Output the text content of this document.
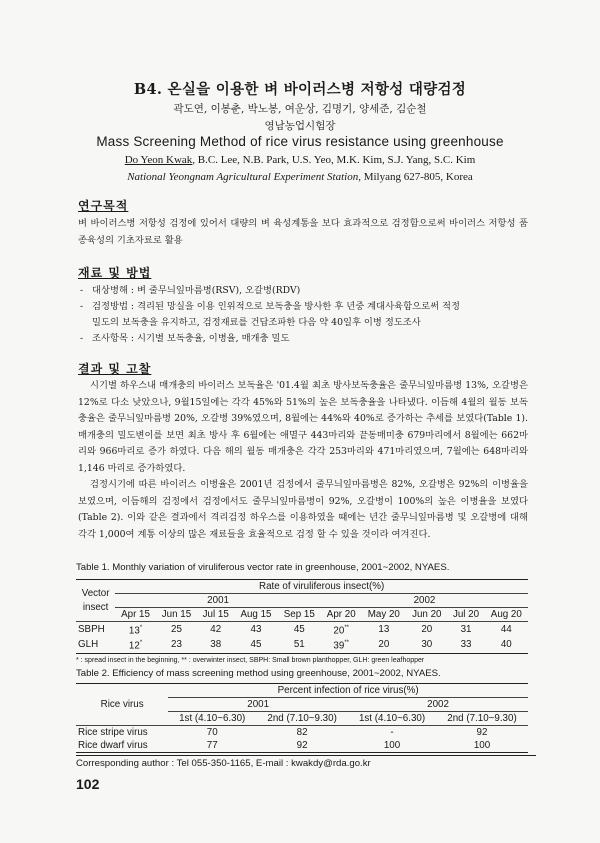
B4. 온실을 이용한 벼 바이러스병 저항성 대량검정
곽도연, 이봉춘, 박노봉, 여운상, 김명기, 양세준, 김순철
영남농업시험장
Mass Screening Method of rice virus resistance using greenhouse
Do Yeon Kwak, B.C. Lee, N.B. Park, U.S. Yeo, M.K. Kim, S.J. Yang, S.C. Kim
National Yeongnam Agricultural Experiment Station, Milyang 627-805, Korea
연구목적
벼 바이러스병 저항성 검정에 있어서 대량의 벼 육성계통을 보다 효과적으로 검정함으로써 바이러스 저항성 품종육성의 기초자료로 활용
재료 및 방법
- 대상병해 : 벼 줄무늬잎마름병(RSV), 오갈병(RDV)
- 검정방법 : 격리된 망실을 이용 인위적으로 보독충을 방사한 후 년중 계대사육함으로써 적정
밀도의 보독충을 유지하고, 검정재료를 건답조파한 다음 약 40일후 이병 정도조사
- 조사항목 : 시기별 보독충율, 이병율, 매개충 밀도
결과 및 고찰

시기별 하우스내 매개충의 바이러스 보독율은 '01.4월 최초 방사보독충율은 줄무늬잎마름병 13%, 오갈병은 12%로 다소 낮았으나, 9월15일에는 각각 45%와 51%의 높은 보독충율을 나타냈다. 이듬해 4월의 월동 보독충율은 줄무늬잎마름병 20%, 오갈병 39%였으며, 8월에는 44%와 40%로 증가하는 추세를 보였다(Table 1). 매개충의 밀도변이를 보면 최초 방사 후 6월에는 애멸구 443마리와 끝동매미충 679마리에서 8월에는 662마리와 966마리로 증가 하였다. 다음 해의 월동 매개충은 각각 253마리와 471마리였으며, 7월에는 648마리와 1,146 마리로 증가하였다.

검정시기에 따른 바이러스 이병율은 2001년 검정에서 줄무늬잎마름병은 82%, 오갈병은 92%의 이병율을 보였으며, 이듬해의 검정에서 검정에서도 줄무늬잎마름병이 92%, 오갈병이 100%의 높은 이병율을 보였다(Table 2). 이와 같은 결과에서 격리검정 하우스를 이용하였을 때에는 년간 줄무늬잎마름병 및 오갈병에 대해 각각 1,000여 계통 이상의 많은 재료들을 효율적으로 검정 할 수 있을 것이라 여겨진다.

Table 1. Monthly variation of viruliferous vector rate in greenhouse, 2001~2002, NYAES.
Vector
insect	Rate of viruliferous insect(%)									
	2001					2002				
	Apr 15	Jun 15	Jul 15	Aug 15	Sep 15	Apr 20	May 20	Jun 20	Jul 20	Aug 20
SBPH	13*	25	42	43	45	20**	13	20	31	44
GLH	12*	23	38	45	51	39**	20	30	33	40
* : spread insect in the beginning, ** : overwinter insect, SBPH: Small brown planthopper, GLH: green leafhopper
Table 2. Efficiency of mass screening method using greenhouse, 2001~2002, NYAES.
Rice virus	Percent infection of rice virus(%)			
	2001		2002	
	1st (4.10~6.30)	2nd (7.10~9.30)	1st (4.10~6.30)	2nd (7.10~9.30)
Rice stripe virus	70	82	-	92
Rice dwarf virus	77	92	100	100
Corresponding author : Tel 055-350-1165, E-mail : kwakdy@rda.go.kr
102
